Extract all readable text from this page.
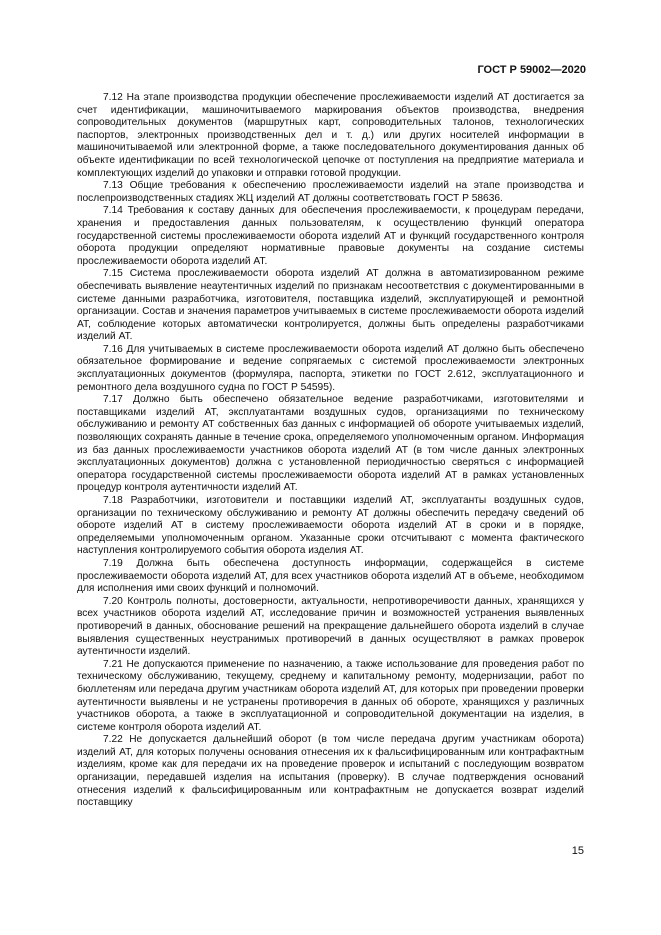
ГОСТ Р 59002—2020

7.12 На этапе производства продукции обеспечение прослеживаемости изделий АТ достигается за счет идентификации, машиночитываемого маркирования объектов производства, внедрения сопроводительных документов (маршрутных карт, сопроводительных талонов, технологических паспортов, электронных производственных дел и т. д.) или других носителей информации в машиночитываемой или электронной форме, а также последовательного документирования данных об объекте идентификации по всей технологической цепочке от поступления на предприятие материала и комплектующих изделий до упаковки и отправки готовой продукции.

7.13 Общие требования к обеспечению прослеживаемости изделий на этапе производства и послепроизводственных стадиях ЖЦ изделий АТ должны соответствовать ГОСТ Р 58636.

7.14 Требования к составу данных для обеспечения прослеживаемости, к процедурам передачи, хранения и предоставления данных пользователям, к осуществлению функций оператора государственной системы прослеживаемости оборота изделий АТ и функций государственного контроля оборота продукции определяют нормативные правовые документы на создание системы прослеживаемости оборота изделий АТ.

7.15 Система прослеживаемости оборота изделий АТ должна в автоматизированном режиме обеспечивать выявление неаутентичных изделий по признакам несоответствия с документированными в системе данными разработчика, изготовителя, поставщика изделий, эксплуатирующей и ремонтной организации. Состав и значения параметров учитываемых в системе прослеживаемости оборота изделий АТ, соблюдение которых автоматически контролируется, должны быть определены разработчиками изделий АТ.

7.16 Для учитываемых в системе прослеживаемости оборота изделий АТ должно быть обеспечено обязательное формирование и ведение сопрягаемых с системой прослеживаемости электронных эксплуатационных документов (формуляра, паспорта, этикетки по ГОСТ 2.612, эксплуатационного и ремонтного дела воздушного судна по ГОСТ Р 54595).

7.17 Должно быть обеспечено обязательное ведение разработчиками, изготовителями и поставщиками изделий АТ, эксплуатантами воздушных судов, организациями по техническому обслуживанию и ремонту АТ собственных баз данных с информацией об обороте учитываемых изделий, позволяющих сохранять данные в течение срока, определяемого уполномоченным органом. Информация из баз данных прослеживаемости участников оборота изделий АТ (в том числе данных электронных эксплуатационных документов) должна с установленной периодичностью сверяться с информацией оператора государственной системы прослеживаемости оборота изделий АТ в рамках установленных процедур контроля аутентичности изделий АТ.

7.18 Разработчики, изготовители и поставщики изделий АТ, эксплуатанты воздушных судов, организации по техническому обслуживанию и ремонту АТ должны обеспечить передачу сведений об обороте изделий АТ в систему прослеживаемости оборота изделий АТ в сроки и в порядке, определяемыми уполномоченным органом. Указанные сроки отсчитывают с момента фактического наступления контролируемого события оборота изделия АТ.

7.19 Должна быть обеспечена доступность информации, содержащейся в системе прослеживаемости оборота изделий АТ, для всех участников оборота изделий АТ в объеме, необходимом для исполнения ими своих функций и полномочий.

7.20 Контроль полноты, достоверности, актуальности, непротиворечивости данных, хранящихся у всех участников оборота изделий АТ, исследование причин и возможностей устранения выявленных противоречий в данных, обоснование решений на прекращение дальнейшего оборота изделий в случае выявления существенных неустранимых противоречий в данных осуществляют в рамках проверок аутентичности изделий.

7.21 Не допускаются применение по назначению, а также использование для проведения работ по техническому обслуживанию, текущему, среднему и капитальному ремонту, модернизации, работ по бюллетеням или передача другим участникам оборота изделий АТ, для которых при проведении проверки аутентичности выявлены и не устранены противоречия в данных об обороте, хранящихся у различных участников оборота, а также в эксплуатационной и сопроводительной документации на изделия, в системе контроля оборота изделий АТ.

7.22 Не допускается дальнейший оборот (в том числе передача другим участникам оборота) изделий АТ, для которых получены основания отнесения их к фальсифицированным или контрафактным изделиям, кроме как для передачи их на проведение проверок и испытаний с последующим возвратом организации, передавшей изделия на испытания (проверку). В случае подтверждения оснований отнесения изделий к фальсифицированным или контрафактным не допускается возврат изделий поставщику

15
